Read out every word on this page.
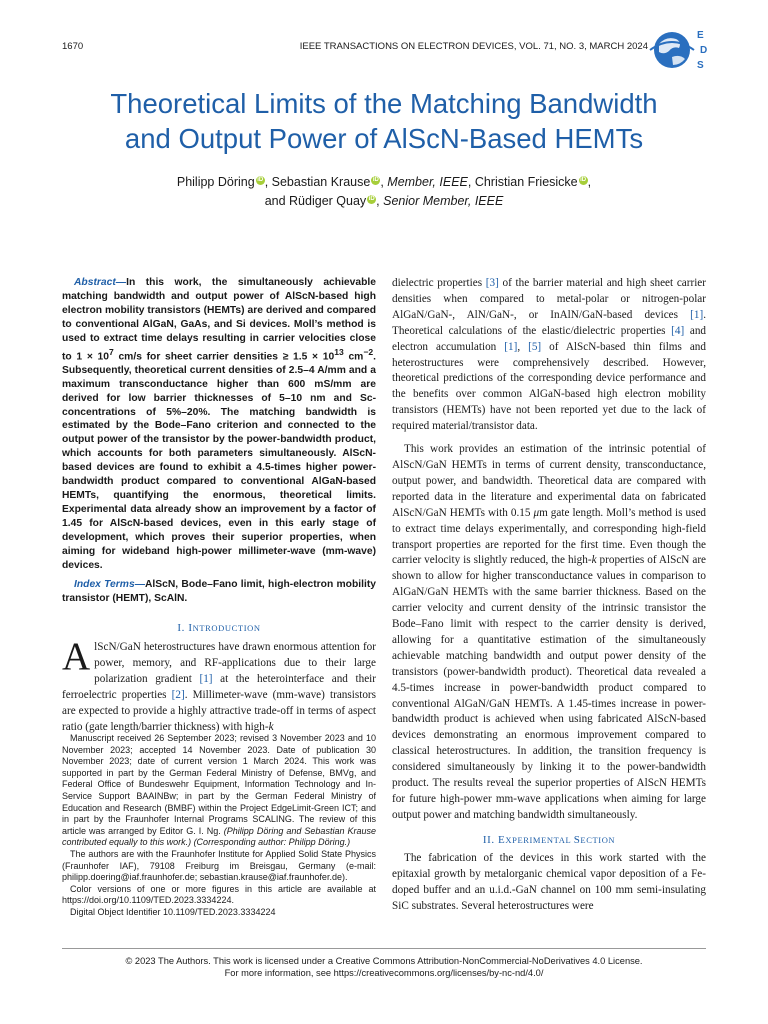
1670	IEEE TRANSACTIONS ON ELECTRON DEVICES, VOL. 71, NO. 3, MARCH 2024
E
D
S
Theoretical Limits of the Matching Bandwidth
and Output Power of AlScN-Based HEMTs
Philipp Döring iD , Sebastian Krause iD , Member, IEEE, Christian Friesicke iD ,
and Rüdiger Quay iD , Senior Member, IEEE

Abstract—In this work, the simultaneously achievable matching bandwidth and output power of AlScN-based high electron mobility transistors (HEMTs) are derived and compared to conventional AlGaN, GaAs, and Si devices. Moll’s method is used to extract time delays resulting in carrier velocities close to $1 \times 10^7$ cm/s for sheet carrier densities ≥ $1.5 \times 10^{13}$ $cm^{-2}$. Subsequently, theoretical current densities of 2.5–4 A/mm and a maximum transconductance higher than 600 mS/mm are derived for low barrier thicknesses of 5–10 nm and Sc-concentrations of 5%–20%. The matching bandwidth is estimated by the Bode–Fano criterion and connected to the output power of the transistor by the power-bandwidth product, which accounts for both parameters simultaneously. AlScN-based devices are found to exhibit a 4.5-times higher power-bandwidth product compared to conventional AlGaN-based HEMTs, quantifying the enormous, theoretical limits. Experimental data already show an improvement by a factor of 1.45 for AlScN-based devices, even in this early stage of development, which proves their superior properties, when aiming for wideband high-power millimeter-wave (mm-wave) devices.

Index Terms—AlScN, Bode–Fano limit, high-electron mobility transistor (HEMT), ScAlN.

I. INTRODUCTION

AlScN/GaN heterostructures have drawn enormous attention for power, memory, and RF-applications due to their large polarization gradient [1] at the heterointerface and their ferroelectric properties [2]. Millimeter-wave (mm-wave) transistors are expected to provide a highly attractive trade-off in terms of aspect ratio (gate length/barrier thickness) with high-k

Manuscript received 26 September 2023; revised 3 November 2023 and 10 November 2023; accepted 14 November 2023. Date of publication 30 November 2023; date of current version 1 March 2024. This work was supported in part by the German Federal Ministry of Defense, BMVg, and Federal Office of Bundeswehr Equipment, Information Technology and In-Service Support BAAINBw; in part by the German Federal Ministry of Education and Research (BMBF) within the Project EdgeLimit-Green ICT; and in part by the Fraunhofer Internal Programs SCALING. The review of this article was arranged by Editor G. I. Ng. (Philipp Döring and Sebastian Krause contributed equally to this work.) (Corresponding author: Philipp Döring.)

The authors are with the Fraunhofer Institute for Applied Solid State Physics (Fraunhofer IAF), 79108 Freiburg im Breisgau, Germany (e-mail: philipp.doering@iaf.fraunhofer.de; sebastian.krause@iaf.fraunhofer.de).

Color versions of one or more figures in this article are available at https://doi.org/10.1109/TED.2023.3334224.

Digital Object Identifier 10.1109/TED.2023.3334224

dielectric properties [3] of the barrier material and high sheet carrier densities when compared to metal-polar or nitrogen-polar AlGaN/GaN-, AlN/GaN-, or InAlN/GaN-based devices [1]. Theoretical calculations of the elastic/dielectric properties [4] and electron accumulation [1], [5] of AlScN-based thin films and heterostructures were comprehensively described. However, theoretical predictions of the corresponding device performance and the benefits over common AlGaN-based high electron mobility transistors (HEMTs) have not been reported yet due to the lack of required material/transistor data.

This work provides an estimation of the intrinsic potential of AlScN/GaN HEMTs in terms of current density, transconductance, output power, and bandwidth. Theoretical data are compared with reported data in the literature and experimental data on fabricated AlScN/GaN HEMTs with 0.15 μm gate length. Moll’s method is used to extract time delays experimentally, and corresponding high-field transport properties are reported for the first time. Even though the carrier velocity is slightly reduced, the high-k properties of AlScN are shown to allow for higher transconductance values in comparison to AlGaN/GaN HEMTs with the same barrier thickness. Based on the carrier velocity and current density of the intrinsic transistor the Bode–Fano limit with respect to the carrier density is derived, allowing for a quantitative estimation of the simultaneously achievable matching bandwidth and output power density of the transistors (power-bandwidth product). Theoretical data revealed a 4.5-times increase in power-bandwidth product compared to conventional AlGaN/GaN HEMTs. A 1.45-times increase in power-bandwidth product is achieved when using fabricated AlScN-based devices demonstrating an enormous improvement compared to classical heterostructures. In addition, the transition frequency is considered simultaneously by linking it to the power-bandwidth product. The results reveal the superior properties of AlScN HEMTs for future high-power mm-wave applications when aiming for large output power and matching bandwidth simultaneously.

II. EXPERIMENTAL SECTION

The fabrication of the devices in this work started with the epitaxial growth by metalorganic chemical vapor deposition of a Fe-doped buffer and an u.i.d.-GaN channel on 100 mm semi-insulating SiC substrates. Several heterostructures were

© 2023 The Authors. This work is licensed under a Creative Commons Attribution-NonCommercial-NoDerivatives 4.0 License.
For more information, see https://creativecommons.org/licenses/by-nc-nd/4.0/
